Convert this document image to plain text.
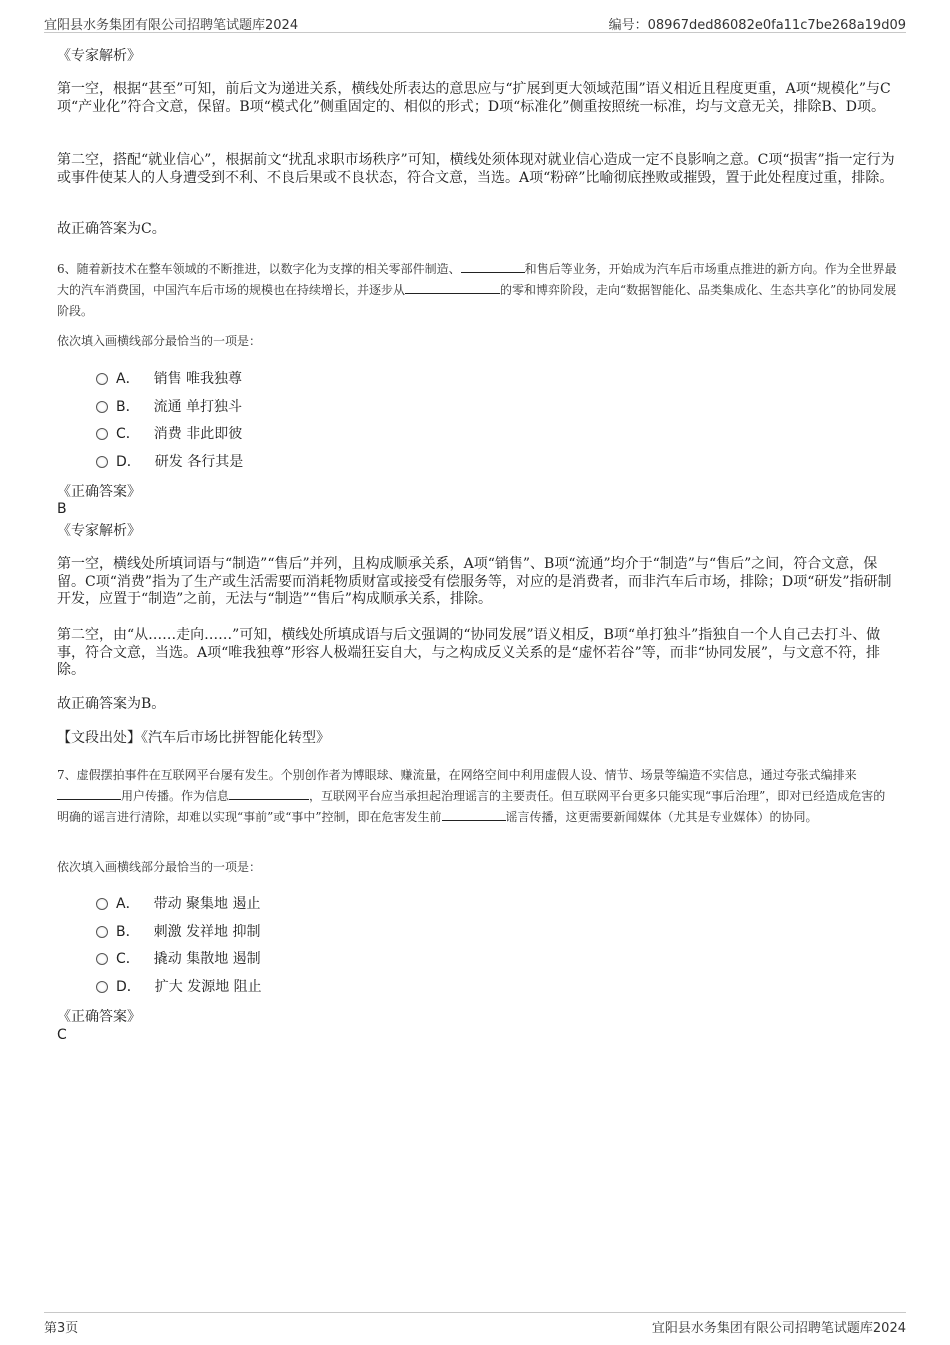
宜阳县水务集团有限公司招聘笔试题库2024	编号：08967ded86082e0fa11c7be268a19d09
《专家解析》

第一空，根据“甚至”可知，前后文为递进关系，横线处所表达的意思应与“扩展到更大领域范围”语义相近且程度更重，A项“规模化”与C项“产业化”符合文意，保留。B项“模式化”侧重固定的、相似的形式；D项“标准化”侧重按照统一标准，均与文意无关，排除B、D项。

第二空，搭配“就业信心”，根据前文“扰乱求职市场秩序”可知，横线处须体现对就业信心造成一定不良影响之意。C项“损害”指一定行为或事件使某人的人身遭受到不利、不良后果或不良状态，符合文意，当选。A项“粉碎”比喻彻底挫败或摧毁，置于此处程度过重，排除。

故正确答案为C。

6、随着新技术在整车领域的不断推进，以数字化为支撑的相关零部件制造、	和售后等业务，开始成为汽车后市场重点推进的新方向。作为全世界最大的汽车消费国，中国汽车后市场的规模也在持续增长，并逐步从	的零和博弈阶段，走向“数据智能化、品类集成化、生态共享化”的协同发展阶段。

依次填入画横线部分最恰当的一项是：
A． 销售 唯我独尊
B． 流通 单打独斗
C． 消费 非此即彼
D． 研发 各行其是
《正确答案》
B
《专家解析》

第一空，横线处所填词语与“制造”“售后”并列，且构成顺承关系，A项“销售”、B项“流通”均介于“制造”与“售后”之间，符合文意，保留。C项“消费”指为了生产或生活需要而消耗物质财富或接受有偿服务等，对应的是消费者，而非汽车后市场，排除；D项“研发”指研制开发，应置于“制造”之前，无法与“制造”“售后”构成顺承关系，排除。

第二空，由“从……走向……”可知，横线处所填成语与后文强调的“协同发展”语义相反，B项“单打独斗”指独自一个人自己去打斗、做事，符合文意，当选。A项“唯我独尊”形容人极端狂妄自大，与之构成反义关系的是“虚怀若谷”等，而非“协同发展”，与文意不符，排除。

故正确答案为B。
【文段出处】《汽车后市场比拼智能化转型》

7、虚假摆拍事件在互联网平台屡有发生。个别创作者为博眼球、赚流量，在网络空间中利用虚假人设、情节、场景等编造不实信息，通过夸张式编排来用户传播。作为信息	，互联网平台应当承担起治理谣言的主要责任。但互联网平台更多只能实现“事后治理”，即对已经造成危害的明确的谣言进行清除，却难以实现“事前”或“事中”控制，即在危害发生前	谣言传播，这更需要新闻媒体（尤其是专业媒体）的协同。

依次填入画横线部分最恰当的一项是：
A． 带动 聚集地 遏止
B． 刺激 发祥地 抑制
C． 撬动 集散地 遏制
D． 扩大 发源地 阻止
《正确答案》
C
第3页	宜阳县水务集团有限公司招聘笔试题库2024
